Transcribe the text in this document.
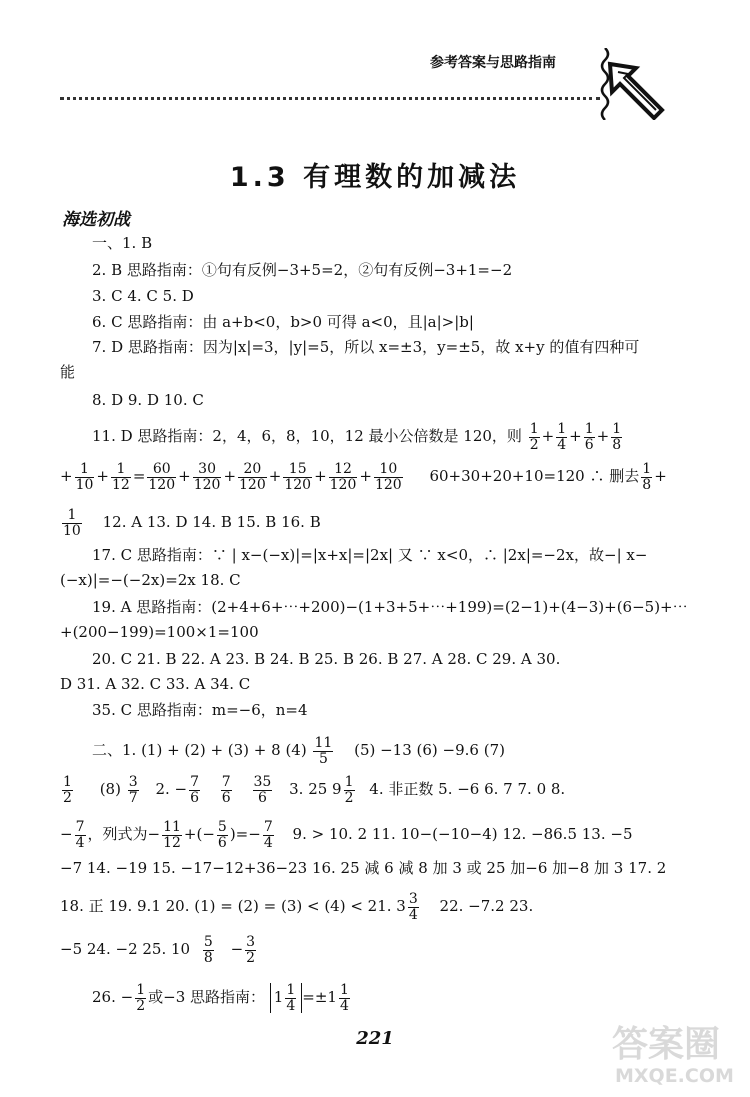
参考答案与思路指南
1.3 有理数的加减法
海选初战
一、1. B
2. B 思路指南：①句有反例−3+5=2，②句有反例−3+1=−2
3. C 4. C 5. D
6. C 思路指南：由 a+b<0，b>0 可得 a<0，且|a|>|b|
7. D 思路指南：因为|x|=3，|y|=5，所以 x=±3，y=±5，故 x+y 的值有四种可
能
8. D 9. D 10. C
11. D 思路指南：2，4，6，8，10，12 最小公倍数是 120，则 $\frac{1}{2} + \frac{1}{4} + \frac{1}{6} + \frac{1}{8}$
+ $\frac{1}{10} + \frac{1}{12} = \frac{60}{120} + \frac{30}{120} + \frac{20}{120} + \frac{15}{120} + \frac{12}{120} + \frac{10}{120} 60+30+20+10=120$ ∴ 删去 $\frac{1}{8}$ +
$\frac{1}{10} 12$. A 13. D 14. B 15. B 16. B
17. C 思路指南：∵ | x−(−x)|=|x+x|=|2x| 又 ∵ x<0，∴ |2x|=−2x，故−| x−
(−x)|=−(−2x)=2x 18. C
19. A 思路指南：(2+4+6+⋯+200)−(1+3+5+⋯+199)=(2−1)+(4−3)+(6−5)+⋯
+(200−199)=100×1=100
20. C 21. B 22. A 23. B 24. B 25. B 26. B 27. A 28. C 29. A 30.
D 31. A 32. C 33. A 34. C
35. C 思路指南：m=−6，n=4
二、1. (1) + (2) + (3) + 8 $(4) \frac{11}{5} (5) -13$ (6) −9.6 (7)
$\frac{1}{2} (8) \frac{3}{7} 2$. − $\frac{7}{6}$
$\frac{7}{6}$
$\frac{35}{6} 3$. 25 $9 \frac{1}{2} 4$. 非正数 5. −6 6. 7 7. 0 8.
− $\frac{7}{4}$ ，列式为− $\frac{11}{12}$ +(− $\frac{5}{6}$ )=− $\frac{7}{4} 9$. > 10. 2 11. 10−(−10−4) 12. −86.5 13. −5
−7 14. −19 15. −17−12+36−23 16. 25 减 6 减 8 加 3 或 25 加−6 加−8 加 3 17. 2
18. 正 19. 9.1 20. (1) = (2) = (3) < (4) < 21. $3 \frac{3}{4} 22$. −7.2 23.
−5 24. −2 25. $10 \frac{5}{8} - \frac{3}{2}$
26. − $\frac{1}{2}$ 或−3 思路指南： $1 \frac{1}{4} =\pm 1 \frac{1}{4}$
221	答案圈
MXQE.COM
